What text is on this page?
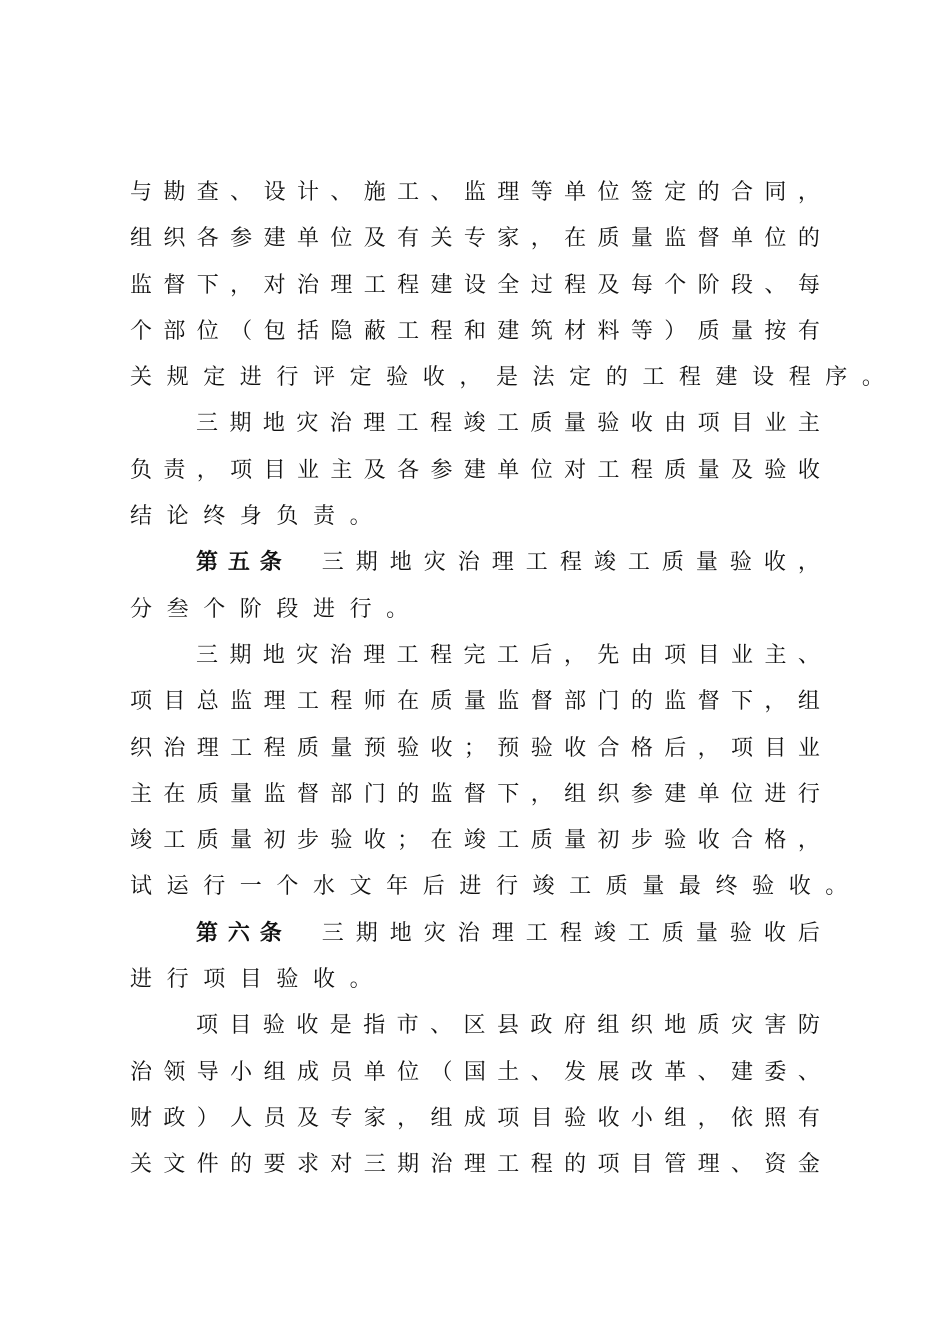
与 勘 查 、 设 计 、 施 工 、 监 理 等 单 位 签 定 的 合 同 ，
组 织 各 参 建 单 位 及 有 关 专 家 ， 在 质 量 监 督 单 位 的
监 督 下 ， 对 治 理 工 程 建 设 全 过 程 及 每 个 阶 段 、 每
个 部 位 （ 包 括 隐 蔽 工 程 和 建 筑 材 料 等 ） 质 量 按 有
关 规 定 进 行 评 定 验 收 ， 是 法 定 的 工 程 建 设 程 序 。
三 期 地 灾 治 理 工 程 竣 工 质 量 验 收 由 项 目 业 主
负 责 ， 项 目 业 主 及 各 参 建 单 位 对 工 程 质 量 及 验 收
结 论 终 身 负 责 。
第五条 三 期 地 灾 治 理 工 程 竣 工 质 量 验 收 ，
分 叁 个 阶 段 进 行 。
三 期 地 灾 治 理 工 程 完 工 后 ， 先 由 项 目 业 主 、
项 目 总 监 理 工 程 师 在 质 量 监 督 部 门 的 监 督 下 ， 组
织 治 理 工 程 质 量 预 验 收 ； 预 验 收 合 格 后 ， 项 目 业
主 在 质 量 监 督 部 门 的 监 督 下 ， 组 织 参 建 单 位 进 行
竣 工 质 量 初 步 验 收 ； 在 竣 工 质 量 初 步 验 收 合 格 ，
试 运 行 一 个 水 文 年 后 进 行 竣 工 质 量 最 终 验 收 。
第六条 三 期 地 灾 治 理 工 程 竣 工 质 量 验 收 后
进 行 项 目 验 收 。
项 目 验 收 是 指 市 、 区 县 政 府 组 织 地 质 灾 害 防
治 领 导 小 组 成 员 单 位 （ 国 土 、 发 展 改 革 、 建 委 、
财 政 ） 人 员 及 专 家 ， 组 成 项 目 验 收 小 组 ， 依 照 有
关 文 件 的 要 求 对 三 期 治 理 工 程 的 项 目 管 理 、 资 金
